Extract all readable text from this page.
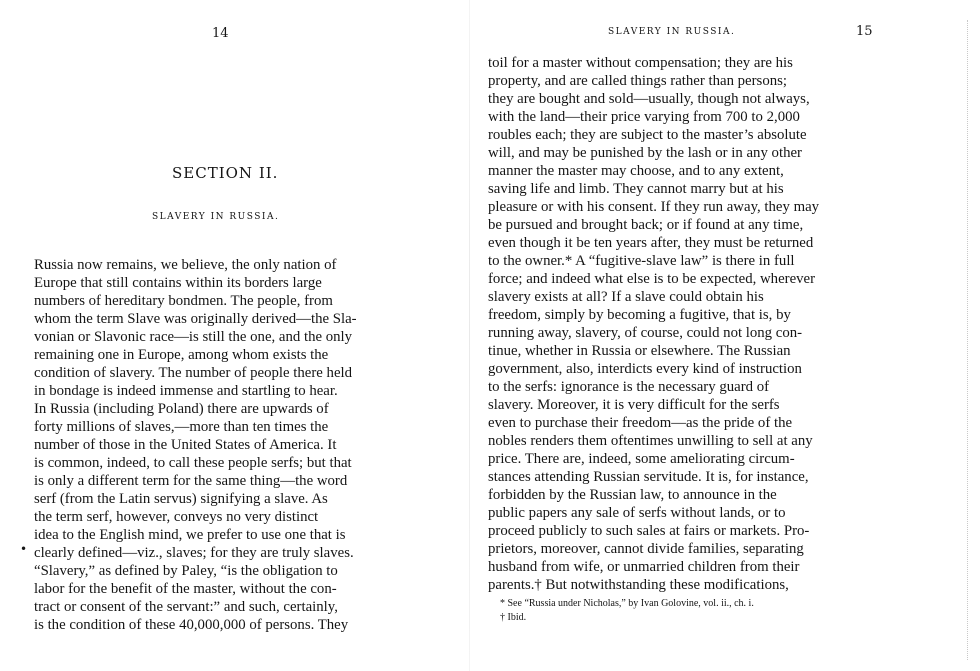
14
SECTION II.
SLAVERY IN RUSSIA.
Russia now remains, we believe, the only nation of
Europe that still contains within its borders large
numbers of hereditary bondmen. The people, from
whom the term Slave was originally derived—the Sla-
vonian or Slavonic race—is still the one, and the only
remaining one in Europe, among whom exists the
condition of slavery. The number of people there held
in bondage is indeed immense and startling to hear.
In Russia (including Poland) there are upwards of
forty millions of slaves,—more than ten times the
number of those in the United States of America. It
is common, indeed, to call these people serfs; but that
is only a different term for the same thing—the word
serf (from the Latin servus) signifying a slave. As
the term serf, however, conveys no very distinct
idea to the English mind, we prefer to use one that is
clearly defined—viz., slaves; for they are truly slaves.
“Slavery,” as defined by Paley, “is the obligation to
labor for the benefit of the master, without the con-
tract or consent of the servant:” and such, certainly,
is the condition of these 40,000,000 of persons. They
•
SLAVERY IN RUSSIA.	15
toil for a master without compensation; they are his
property, and are called things rather than persons;
they are bought and sold—usually, though not always,
with the land—their price varying from 700 to 2,000
roubles each; they are subject to the master’s absolute
will, and may be punished by the lash or in any other
manner the master may choose, and to any extent,
saving life and limb. They cannot marry but at his
pleasure or with his consent. If they run away, they may
be pursued and brought back; or if found at any time,
even though it be ten years after, they must be returned
to the owner.* A “fugitive-slave law” is there in full
force; and indeed what else is to be expected, wherever
slavery exists at all? If a slave could obtain his
freedom, simply by becoming a fugitive, that is, by
running away, slavery, of course, could not long con-
tinue, whether in Russia or elsewhere. The Russian
government, also, interdicts every kind of instruction
to the serfs: ignorance is the necessary guard of
slavery. Moreover, it is very difficult for the serfs
even to purchase their freedom—as the pride of the
nobles renders them oftentimes unwilling to sell at any
price. There are, indeed, some ameliorating circum-
stances attending Russian servitude. It is, for instance,
forbidden by the Russian law, to announce in the
public papers any sale of serfs without lands, or to
proceed publicly to such sales at fairs or markets. Pro-
prietors, moreover, cannot divide families, separating
husband from wife, or unmarried children from their
parents.† But notwithstanding these modifications,
* See “Russia under Nicholas,” by Ivan Golovine, vol. ii., ch. i.
† Ibid.
